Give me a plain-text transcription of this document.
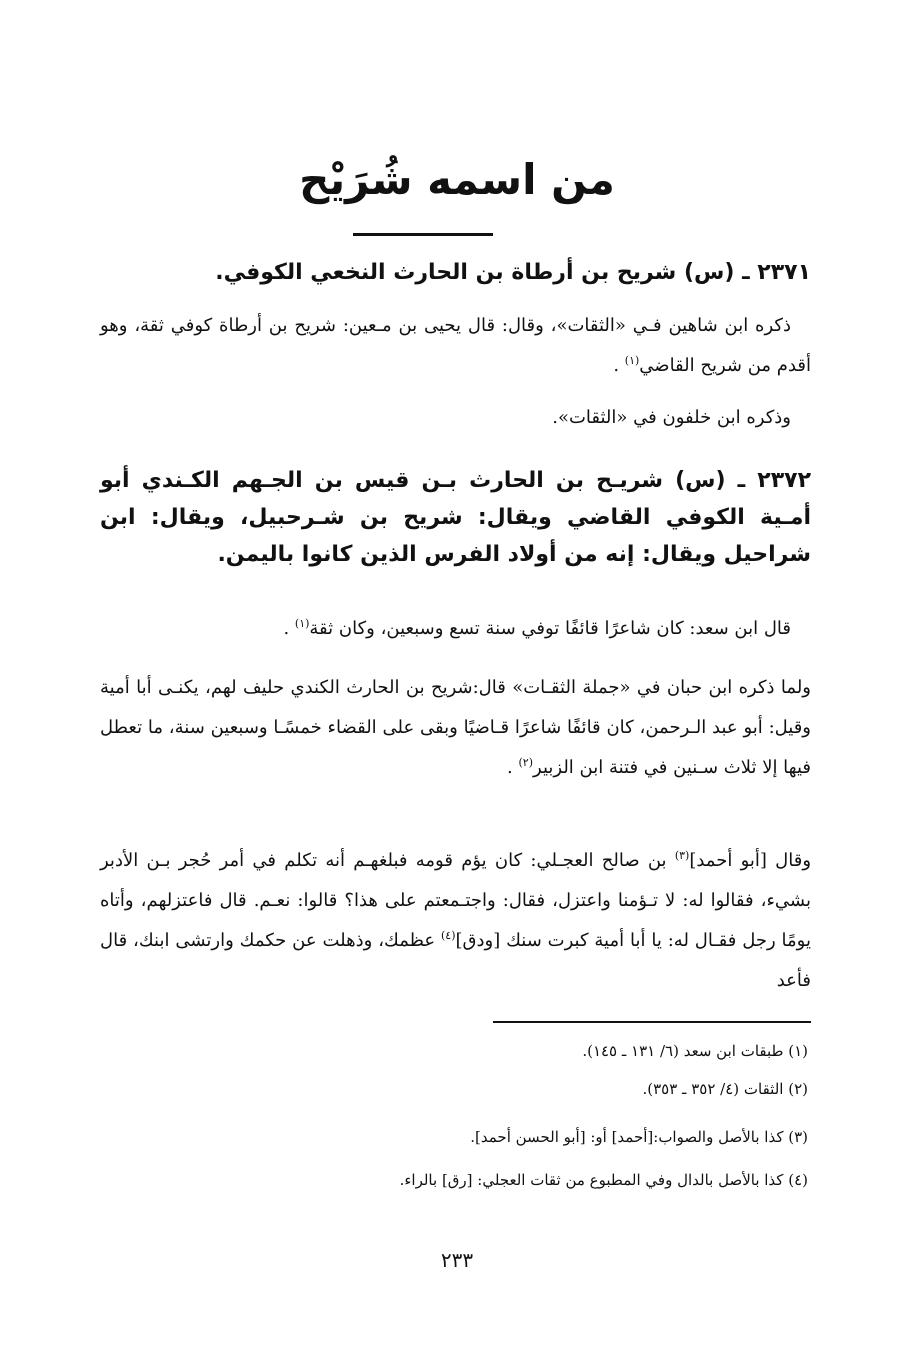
من اسمه شُرَيْح
٢٣٧١ ـ (س) شريح بن أرطاة بن الحارث النخعي الكوفي.
ذكره ابن شاهين فـي «الثقات»، وقال: قال يحيى بن مـعين: شريح بن أرطاة كوفي ثقة، وهو أقدم من شريح القاضي$^{(١)}$ .
وذكره ابن خلفون في «الثقات».
٢٣٧٢ ـ (س) شريـح بن الحارث بـن قيس بن الجـهم الكـندي أبو أمـية الكوفي القاضي ويقال: شريح بن شـرحبيل، ويقال: ابن شراحيل ويقال: إنه من أولاد الفرس الذين كانوا باليمن.
قال ابن سعد: كان شاعرًا قائفًا توفي سنة تسع وسبعين، وكان ثقة$^{(١)}$ .
ولما ذكره ابن حبان في «جملة الثقـات» قال:شريح بن الحارث الكندي حليف لهم، يكنـى أبا أمية وقيل: أبو عبد الـرحمن، كان قائفًا شاعرًا قـاضيًا وبقى على القضاء خمسًـا وسبعين سنة، ما تعطل فيها إلا ثلاث سـنين في فتنة ابن الزبير$^{(٢)}$ .
وقال [أبو أحمد]$^{(٣)}$ بن صالح العجـلي: كان يؤم قومه فبلغهـم أنه تكلم في أمر حُجر بـن الأدبر بشيء، فقالوا له: لا تـؤمنا واعتزل، فقال: واجتـمعتم على هذا؟ قالوا: نعـم. قال فاعتزلهم، وأتاه يومًا رجل فقـال له: يا أبا أمية كبرت سنك [ودق]$^{(٤)}$ عظمك، وذهلت عن حكمك وارتشى ابنك، قال فأعد
(١) طبقات ابن سعد (٦/ ١٣١ ـ ١٤٥).
(٢) الثقات (٤/ ٣٥٢ ـ ٣٥٣).
(٣) كذا بالأصل والصواب:[أحمد] أو: [أبو الحسن أحمد].
(٤) كذا بالأصل بالدال وفي المطبوع من ثقات العجلي: [رق] بالراء.
٢٣٣
